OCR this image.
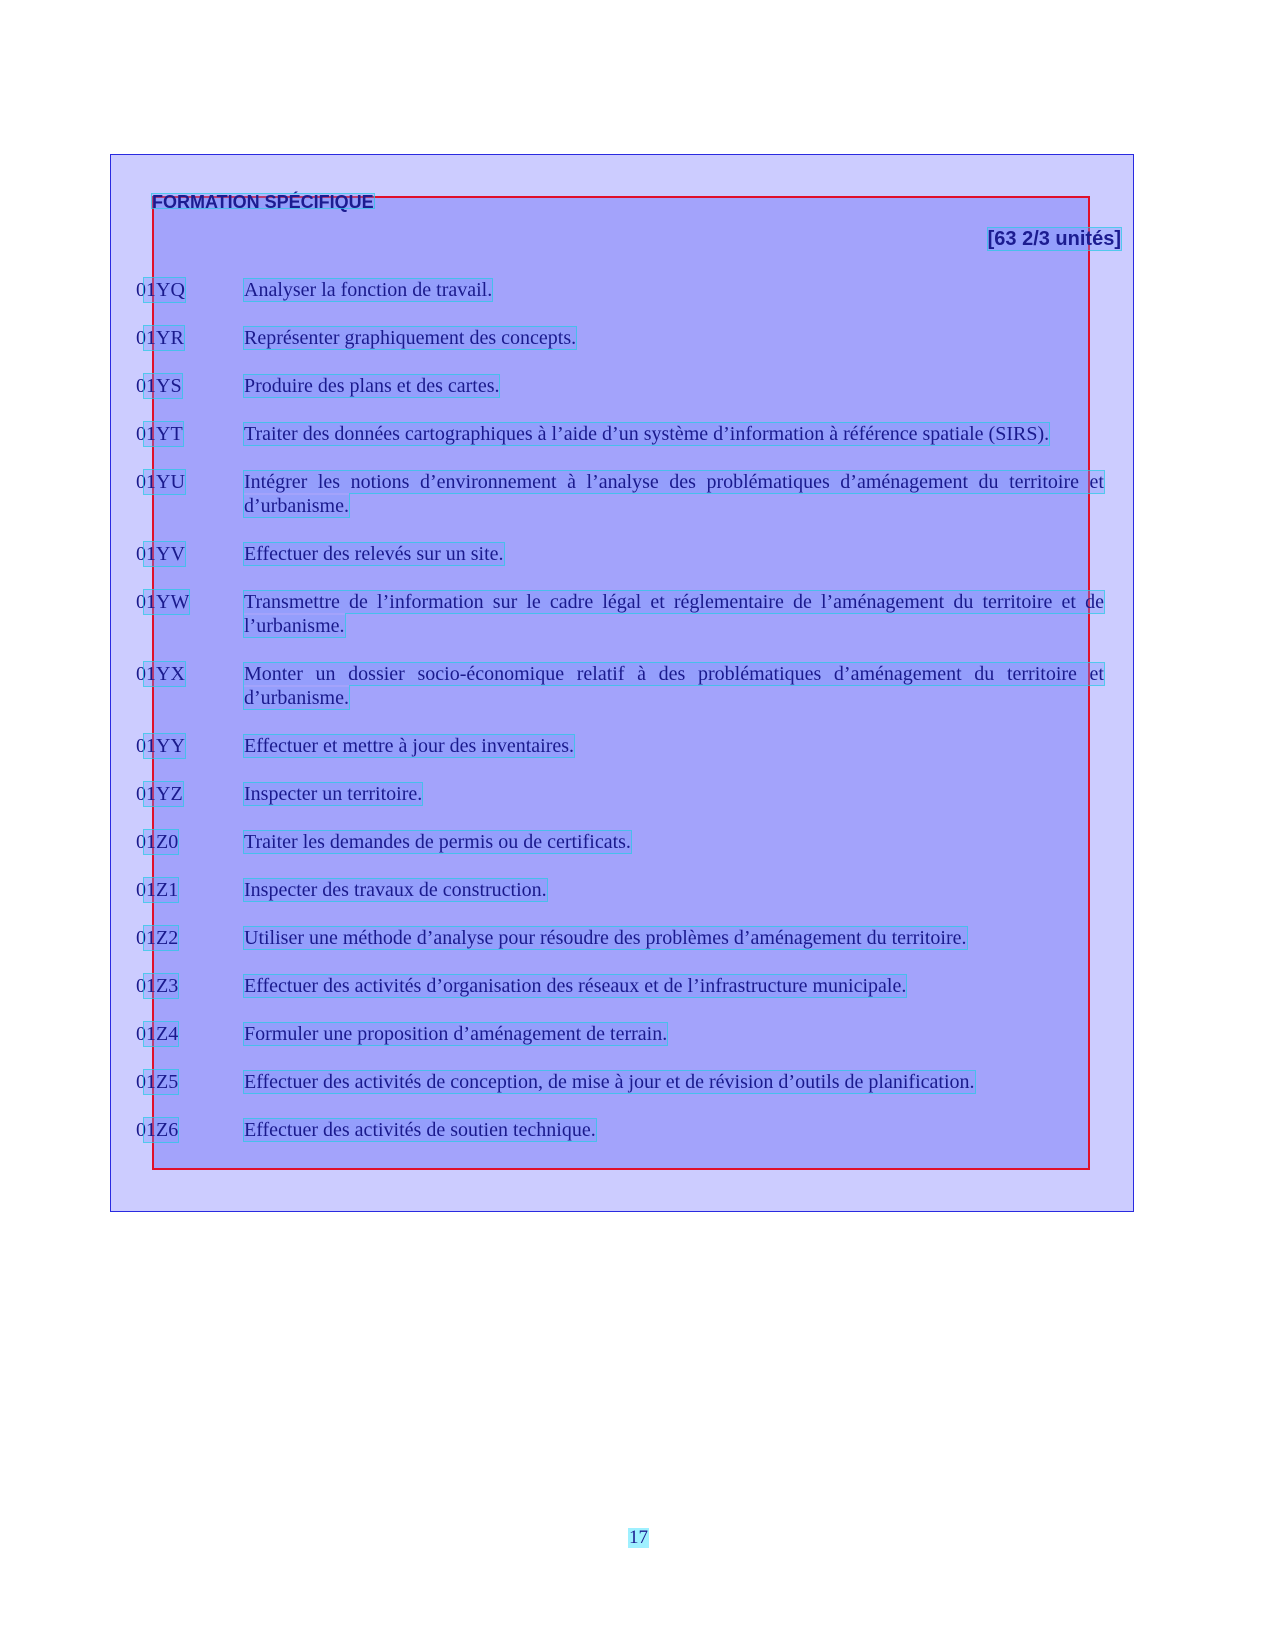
FORMATION SPÉCIFIQUE
[63 2/3 unités]
01YQ	Analyser la fonction de travail.
01YR	Représenter graphiquement des concepts.
01YS	Produire des plans et des cartes.
01YT	Traiter des données cartographiques à l’aide d’un système d’information à référence spatiale (SIRS).
01YU	Intégrer les notions d’environnement à l’analyse des problématiques d’aménagement du territoire et d’urbanisme.
01YV	Effectuer des relevés sur un site.
01YW	Transmettre de l’information sur le cadre légal et réglementaire de l’aménagement du territoire et de l’urbanisme.
01YX	Monter un dossier socio-économique relatif à des problématiques d’aménagement du territoire et d’urbanisme.
01YY	Effectuer et mettre à jour des inventaires.
01YZ	Inspecter un territoire.
01Z0	Traiter les demandes de permis ou de certificats.
01Z1	Inspecter des travaux de construction.
01Z2	Utiliser une méthode d’analyse pour résoudre des problèmes d’aménagement du territoire.
01Z3	Effectuer des activités d’organisation des réseaux et de l’infrastructure municipale.
01Z4	Formuler une proposition d’aménagement de terrain.
01Z5	Effectuer des activités de conception, de mise à jour et de révision d’outils de planification.
01Z6	Effectuer des activités de soutien technique.
17
